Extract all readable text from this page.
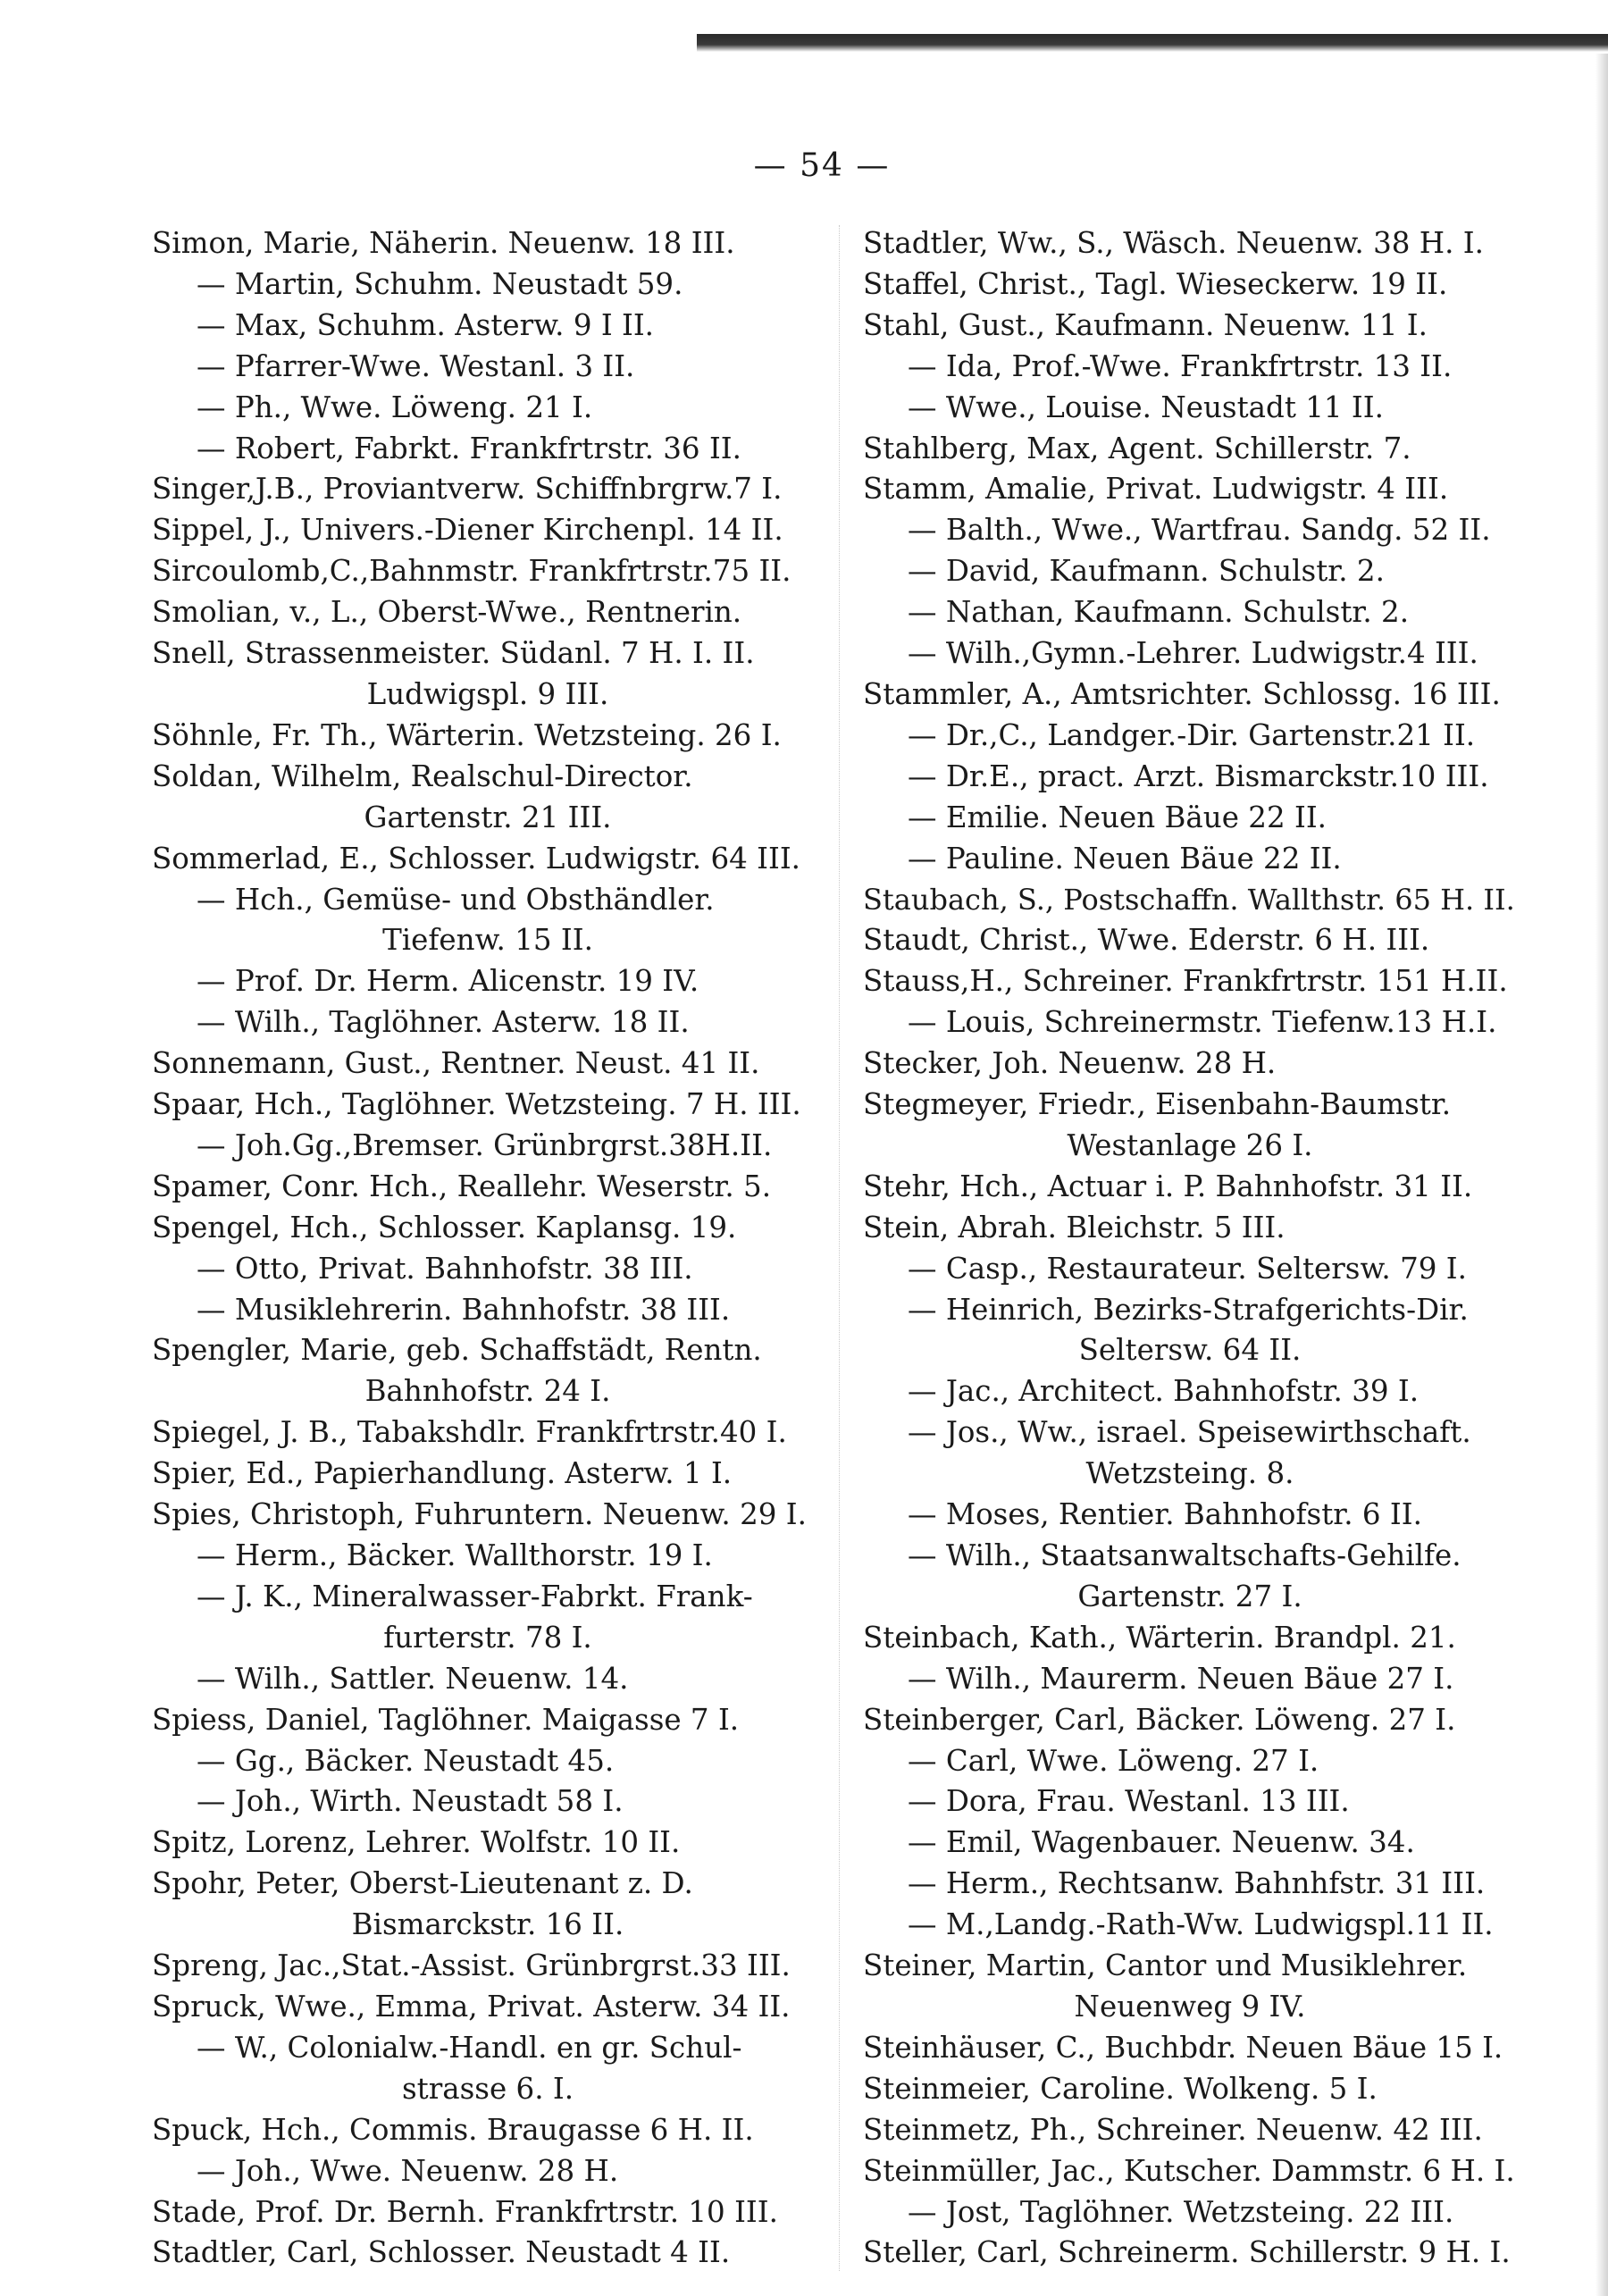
— 54 —
Simon, Marie, Näherin. Neuenw. 18 III.
— Martin, Schuhm. Neustadt 59.
— Max, Schuhm. Asterw. 9 I II.
— Pfarrer-Wwe. Westanl. 3 II.
— Ph., Wwe. Löweng. 21 I.
— Robert, Fabrkt. Frankfrtrstr. 36 II.
Singer,J.B., Proviantverw. Schiffnbrgrw.7 I.
Sippel, J., Univers.-Diener Kirchenpl. 14 II.
Sircoulomb,C.,Bahnmstr. Frankfrtrstr.75 II.
Smolian, v., L., Oberst-Wwe., Rentnerin.
Snell, Strassenmeister. Südanl. 7 H. I. II.
Ludwigspl. 9 III.
Söhnle, Fr. Th., Wärterin. Wetzsteing. 26 I.
Soldan, Wilhelm, Realschul-Director.
Gartenstr. 21 III.
Sommerlad, E., Schlosser. Ludwigstr. 64 III.
— Hch., Gemüse- und Obsthändler.
Tiefenw. 15 II.
— Prof. Dr. Herm. Alicenstr. 19 IV.
— Wilh., Taglöhner. Asterw. 18 II.
Sonnemann, Gust., Rentner. Neust. 41 II.
Spaar, Hch., Taglöhner. Wetzsteing. 7 H. III.
— Joh.Gg.,Bremser. Grünbrgrst.38H.II.
Spamer, Conr. Hch., Reallehr. Weserstr. 5.
Spengel, Hch., Schlosser. Kaplansg. 19.
— Otto, Privat. Bahnhofstr. 38 III.
— Musiklehrerin. Bahnhofstr. 38 III.
Spengler, Marie, geb. Schaffstädt, Rentn.
Bahnhofstr. 24 I.
Spiegel, J. B., Tabakshdlr. Frankfrtrstr.40 I.
Spier, Ed., Papierhandlung. Asterw. 1 I.
Spies, Christoph, Fuhruntern. Neuenw. 29 I.
— Herm., Bäcker. Wallthorstr. 19 I.
— J. K., Mineralwasser-Fabrkt. Frank-
furterstr. 78 I.
— Wilh., Sattler. Neuenw. 14.
Spiess, Daniel, Taglöhner. Maigasse 7 I.
— Gg., Bäcker. Neustadt 45.
— Joh., Wirth. Neustadt 58 I.
Spitz, Lorenz, Lehrer. Wolfstr. 10 II.
Spohr, Peter, Oberst-Lieutenant z. D.
Bismarckstr. 16 II.
Spreng, Jac.,Stat.-Assist. Grünbrgrst.33 III.
Spruck, Wwe., Emma, Privat. Asterw. 34 II.
— W., Colonialw.-Handl. en gr. Schul-
strasse 6. I.
Spuck, Hch., Commis. Braugasse 6 H. II.
— Joh., Wwe. Neuenw. 28 H.
Stade, Prof. Dr. Bernh. Frankfrtrstr. 10 III.
Stadtler, Carl, Schlosser. Neustadt 4 II.
Stadtler, Ww., S., Wäsch. Neuenw. 38 H. I.
Staffel, Christ., Tagl. Wieseckerw. 19 II.
Stahl, Gust., Kaufmann. Neuenw. 11 I.
— Ida, Prof.-Wwe. Frankfrtrstr. 13 II.
— Wwe., Louise. Neustadt 11 II.
Stahlberg, Max, Agent. Schillerstr. 7.
Stamm, Amalie, Privat. Ludwigstr. 4 III.
— Balth., Wwe., Wartfrau. Sandg. 52 II.
— David, Kaufmann. Schulstr. 2.
— Nathan, Kaufmann. Schulstr. 2.
— Wilh.,Gymn.-Lehrer. Ludwigstr.4 III.
Stammler, A., Amtsrichter. Schlossg. 16 III.
— Dr.,C., Landger.-Dir. Gartenstr.21 II.
— Dr.E., pract. Arzt. Bismarckstr.10 III.
— Emilie. Neuen Bäue 22 II.
— Pauline. Neuen Bäue 22 II.
Staubach, S., Postschaffn. Wallthstr. 65 H. II.
Staudt, Christ., Wwe. Ederstr. 6 H. III.
Stauss,H., Schreiner. Frankfrtrstr. 151 H.II.
— Louis, Schreinermstr. Tiefenw.13 H.I.
Stecker, Joh. Neuenw. 28 H.
Stegmeyer, Friedr., Eisenbahn-Baumstr.
Westanlage 26 I.
Stehr, Hch., Actuar i. P. Bahnhofstr. 31 II.
Stein, Abrah. Bleichstr. 5 III.
— Casp., Restaurateur. Seltersw. 79 I.
— Heinrich, Bezirks-Strafgerichts-Dir.
Seltersw. 64 II.
— Jac., Architect. Bahnhofstr. 39 I.
— Jos., Ww., israel. Speisewirthschaft.
Wetzsteing. 8.
— Moses, Rentier. Bahnhofstr. 6 II.
— Wilh., Staatsanwaltschafts-Gehilfe.
Gartenstr. 27 I.
Steinbach, Kath., Wärterin. Brandpl. 21.
— Wilh., Maurerm. Neuen Bäue 27 I.
Steinberger, Carl, Bäcker. Löweng. 27 I.
— Carl, Wwe. Löweng. 27 I.
— Dora, Frau. Westanl. 13 III.
— Emil, Wagenbauer. Neuenw. 34.
— Herm., Rechtsanw. Bahnhfstr. 31 III.
— M.,Landg.-Rath-Ww. Ludwigspl.11 II.
Steiner, Martin, Cantor und Musiklehrer.
Neuenweg 9 IV.
Steinhäuser, C., Buchbdr. Neuen Bäue 15 I.
Steinmeier, Caroline. Wolkeng. 5 I.
Steinmetz, Ph., Schreiner. Neuenw. 42 III.
Steinmüller, Jac., Kutscher. Dammstr. 6 H. I.
— Jost, Taglöhner. Wetzsteing. 22 III.
Steller, Carl, Schreinerm. Schillerstr. 9 H. I.
